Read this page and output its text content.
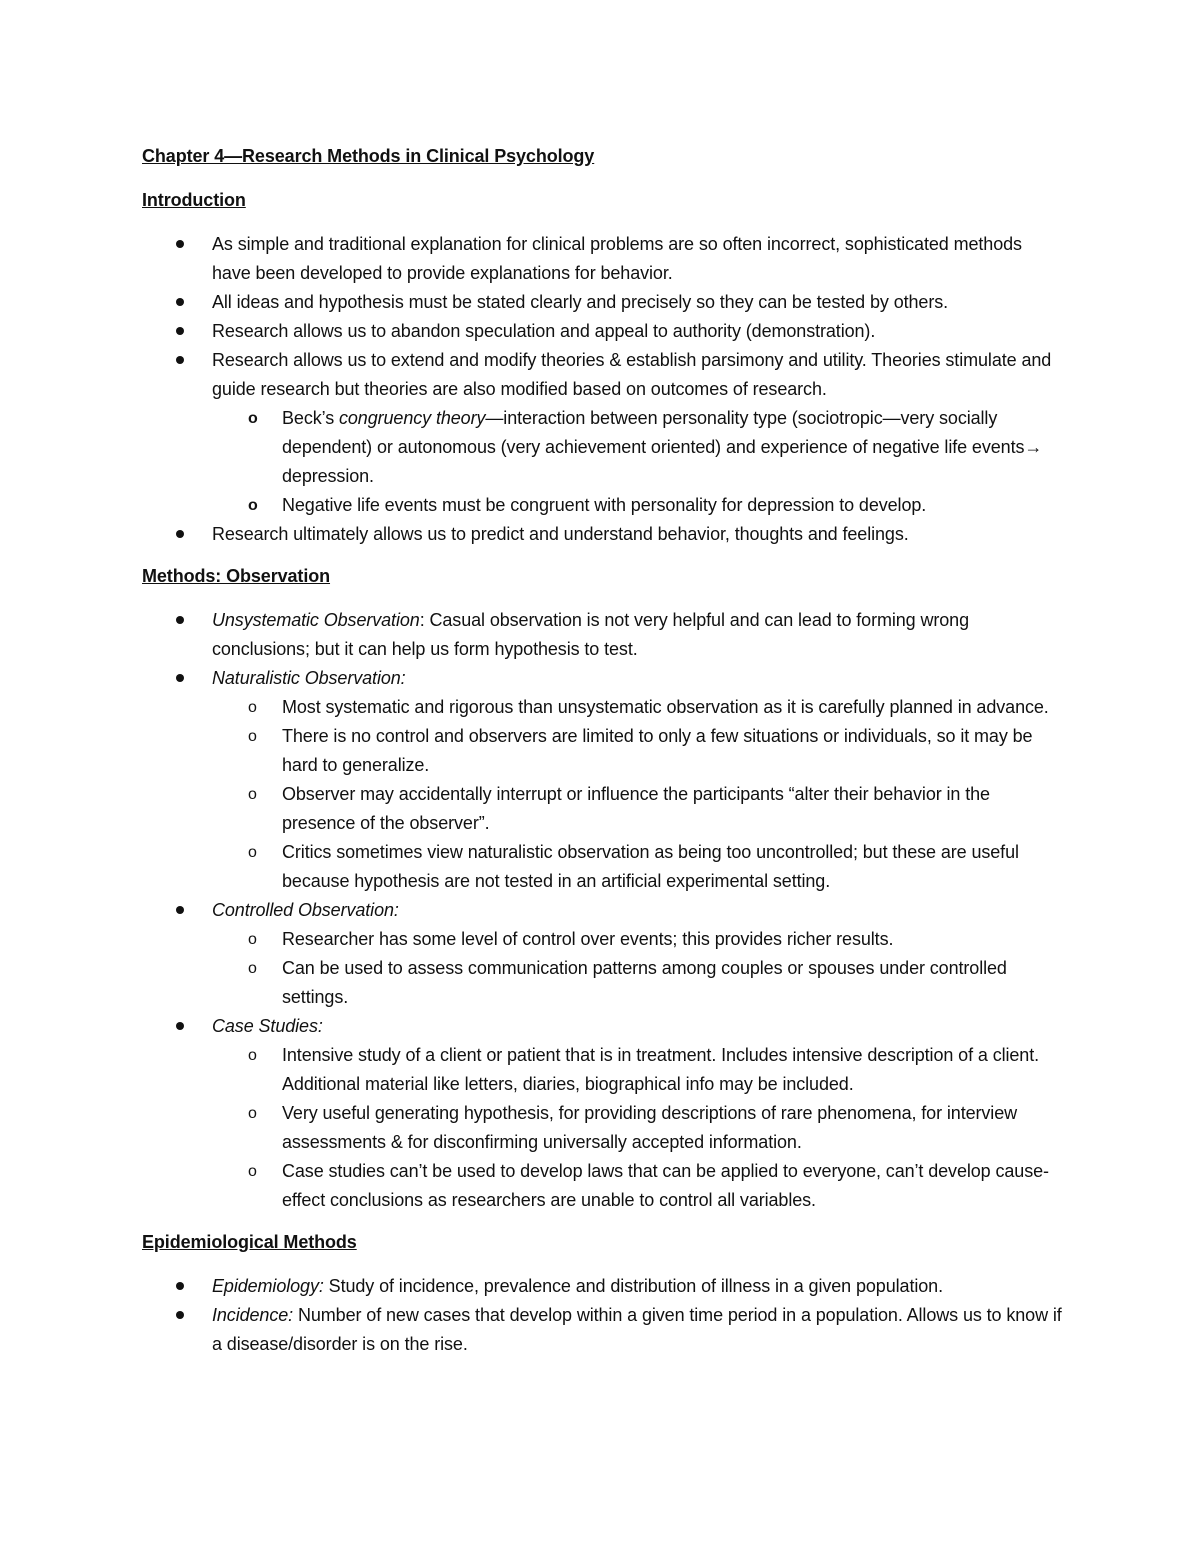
Chapter 4—Research Methods in Clinical Psychology
Introduction
As simple and traditional explanation for clinical problems are so often incorrect, sophisticated methods have been developed to provide explanations for behavior.
All ideas and hypothesis must be stated clearly and precisely so they can be tested by others.
Research allows us to abandon speculation and appeal to authority (demonstration).
Research allows us to extend and modify theories & establish parsimony and utility. Theories stimulate and guide research but theories are also modified based on outcomes of research.
o Beck’s congruency theory—interaction between personality type (sociotropic—very socially dependent) or autonomous (very achievement oriented) and experience of negative life events→ depression.
o Negative life events must be congruent with personality for depression to develop.
Research ultimately allows us to predict and understand behavior, thoughts and feelings.
Methods: Observation
Unsystematic Observation: Casual observation is not very helpful and can lead to forming wrong conclusions; but it can help us form hypothesis to test.
Naturalistic Observation:
o Most systematic and rigorous than unsystematic observation as it is carefully planned in advance.
o There is no control and observers are limited to only a few situations or individuals, so it may be hard to generalize.
o Observer may accidentally interrupt or influence the participants “alter their behavior in the presence of the observer”.
o Critics sometimes view naturalistic observation as being too uncontrolled; but these are useful because hypothesis are not tested in an artificial experimental setting.
Controlled Observation:
o Researcher has some level of control over events; this provides richer results.
o Can be used to assess communication patterns among couples or spouses under controlled settings.
Case Studies:
o Intensive study of a client or patient that is in treatment. Includes intensive description of a client. Additional material like letters, diaries, biographical info may be included.
o Very useful generating hypothesis, for providing descriptions of rare phenomena, for interview assessments & for disconfirming universally accepted information.
o Case studies can’t be used to develop laws that can be applied to everyone, can’t develop cause-effect conclusions as researchers are unable to control all variables.
Epidemiological Methods
Epidemiology: Study of incidence, prevalence and distribution of illness in a given population.
Incidence: Number of new cases that develop within a given time period in a population. Allows us to know if a disease/disorder is on the rise.
